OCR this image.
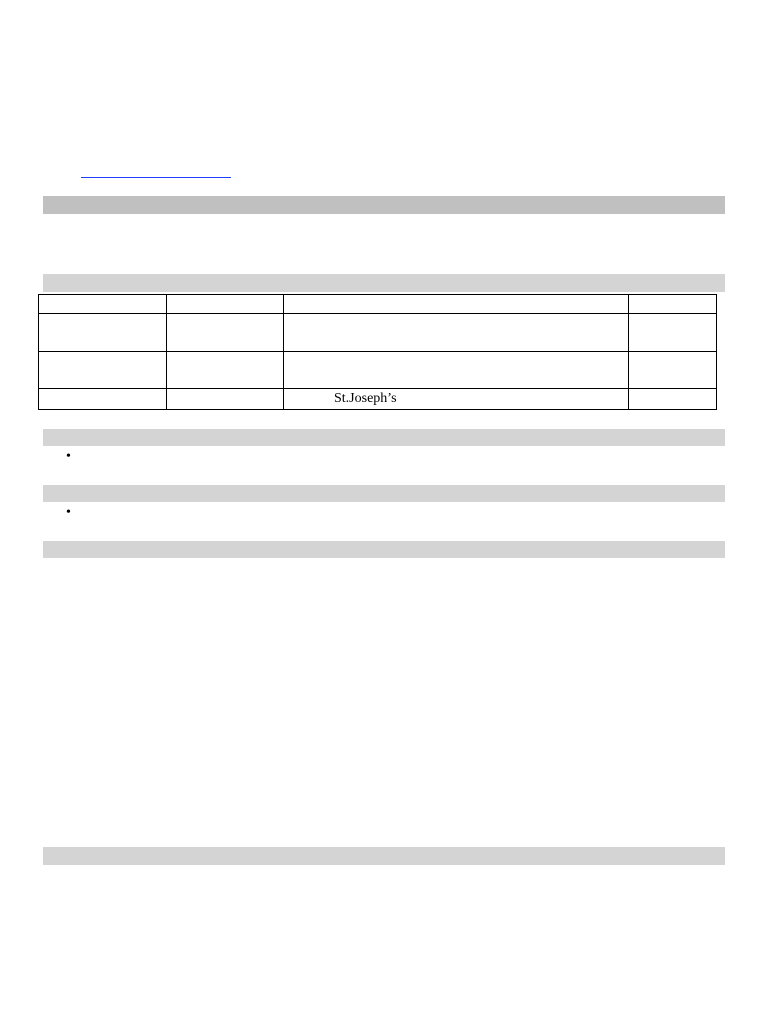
		St.Joseph’s	
•
•
